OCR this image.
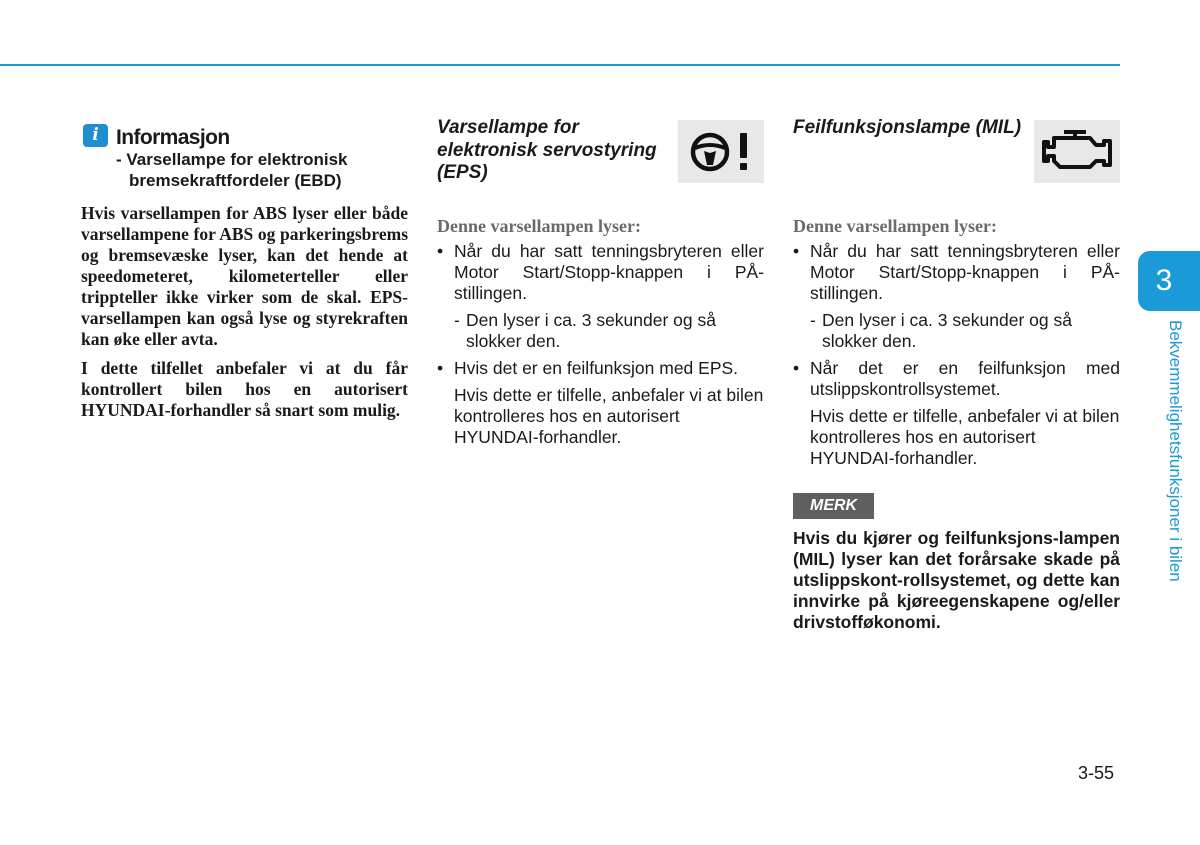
i Informasjon
- Varsellampe for elektronisk
bremsekraftfordeler (EBD)

Hvis varsellampen for ABS lyser eller både varsellampene for ABS og parkeringsbrems og bremsevæske lyser, kan det hende at speedometeret, kilometerteller eller trippteller ikke virker som de skal. EPS-varsellampen kan også lyse og styrekraften kan øke eller avta.

I dette tilfellet anbefaler vi at du får kontrollert bilen hos en autorisert HYUNDAI-forhandler så snart som mulig.

Varsellampe for elektronisk servostyring (EPS)

Denne varsellampen lyser:

• Når du har satt tenningsbryteren eller Motor Start/Stopp-knappen i PÅ-stillingen.
- Den lyser i ca. 3 sekunder og så slokker den.
• Hvis det er en feilfunksjon med EPS.
Hvis dette er tilfelle, anbefaler vi at bilen kontrolleres hos en autorisert HYUNDAI-forhandler.
Feilfunksjonslampe (MIL)

Denne varsellampen lyser:

• Når du har satt tenningsbryteren eller Motor Start/Stopp-knappen i PÅ-stillingen.
- Den lyser i ca. 3 sekunder og så slokker den.
• Når det er en feilfunksjon med utslippskontrollsystemet.
Hvis dette er tilfelle, anbefaler vi at bilen kontrolleres hos en autorisert HYUNDAI-forhandler.
MERK
Hvis du kjører og feilfunksjons-lampen (MIL) lyser kan det forårsake skade på utslippskont-rollsystemet, og dette kan innvirke på kjøreegenskapene og/eller drivstofføkonomi.
3
Bekvemmelighetsfunksjoner i bilen
3-55
